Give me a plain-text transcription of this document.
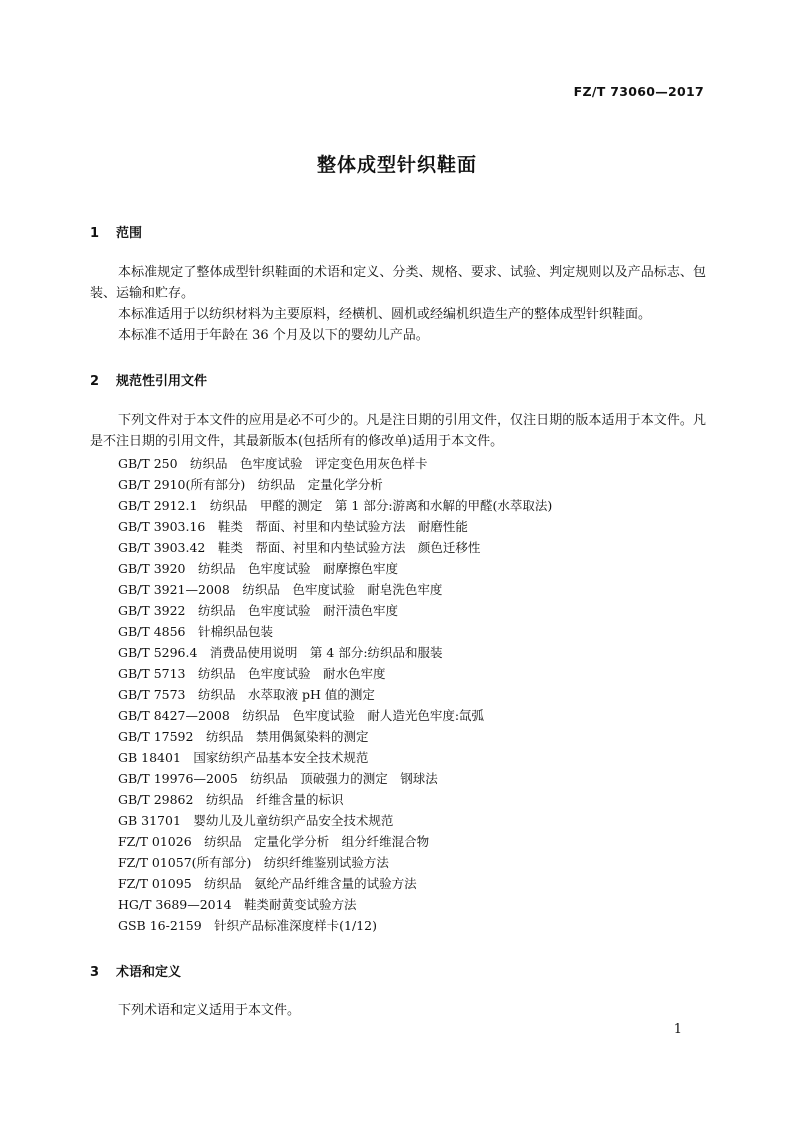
FZ/T 73060—2017
整体成型针织鞋面
1 范围
本标准规定了整体成型针织鞋面的术语和定义、分类、规格、要求、试验、判定规则以及产品标志、包装、运输和贮存。
本标准适用于以纺织材料为主要原料，经横机、圆机或经编机织造生产的整体成型针织鞋面。
本标准不适用于年龄在 36 个月及以下的婴幼儿产品。
2 规范性引用文件
下列文件对于本文件的应用是必不可少的。凡是注日期的引用文件，仅注日期的版本适用于本文件。凡是不注日期的引用文件，其最新版本(包括所有的修改单)适用于本文件。
GB/T 250　纺织品　色牢度试验　评定变色用灰色样卡
GB/T 2910(所有部分)　纺织品　定量化学分析
GB/T 2912.1　纺织品　甲醛的测定　第 1 部分:游离和水解的甲醛(水萃取法)
GB/T 3903.16　鞋类　帮面、衬里和内垫试验方法　耐磨性能
GB/T 3903.42　鞋类　帮面、衬里和内垫试验方法　颜色迁移性
GB/T 3920　纺织品　色牢度试验　耐摩擦色牢度
GB/T 3921—2008　纺织品　色牢度试验　耐皂洗色牢度
GB/T 3922　纺织品　色牢度试验　耐汗渍色牢度
GB/T 4856　针棉织品包装
GB/T 5296.4　消费品使用说明　第 4 部分:纺织品和服装
GB/T 5713　纺织品　色牢度试验　耐水色牢度
GB/T 7573　纺织品　水萃取液 pH 值的测定
GB/T 8427—2008　纺织品　色牢度试验　耐人造光色牢度:氙弧
GB/T 17592　纺织品　禁用偶氮染料的测定
GB 18401　国家纺织产品基本安全技术规范
GB/T 19976—2005　纺织品　顶破强力的测定　钢球法
GB/T 29862　纺织品　纤维含量的标识
GB 31701　婴幼儿及儿童纺织产品安全技术规范
FZ/T 01026　纺织品　定量化学分析　组分纤维混合物
FZ/T 01057(所有部分)　纺织纤维鉴别试验方法
FZ/T 01095　纺织品　氨纶产品纤维含量的试验方法
HG/T 3689—2014　鞋类耐黄变试验方法
GSB 16-2159　针织产品标准深度样卡(1/12)
3 术语和定义
下列术语和定义适用于本文件。
1
